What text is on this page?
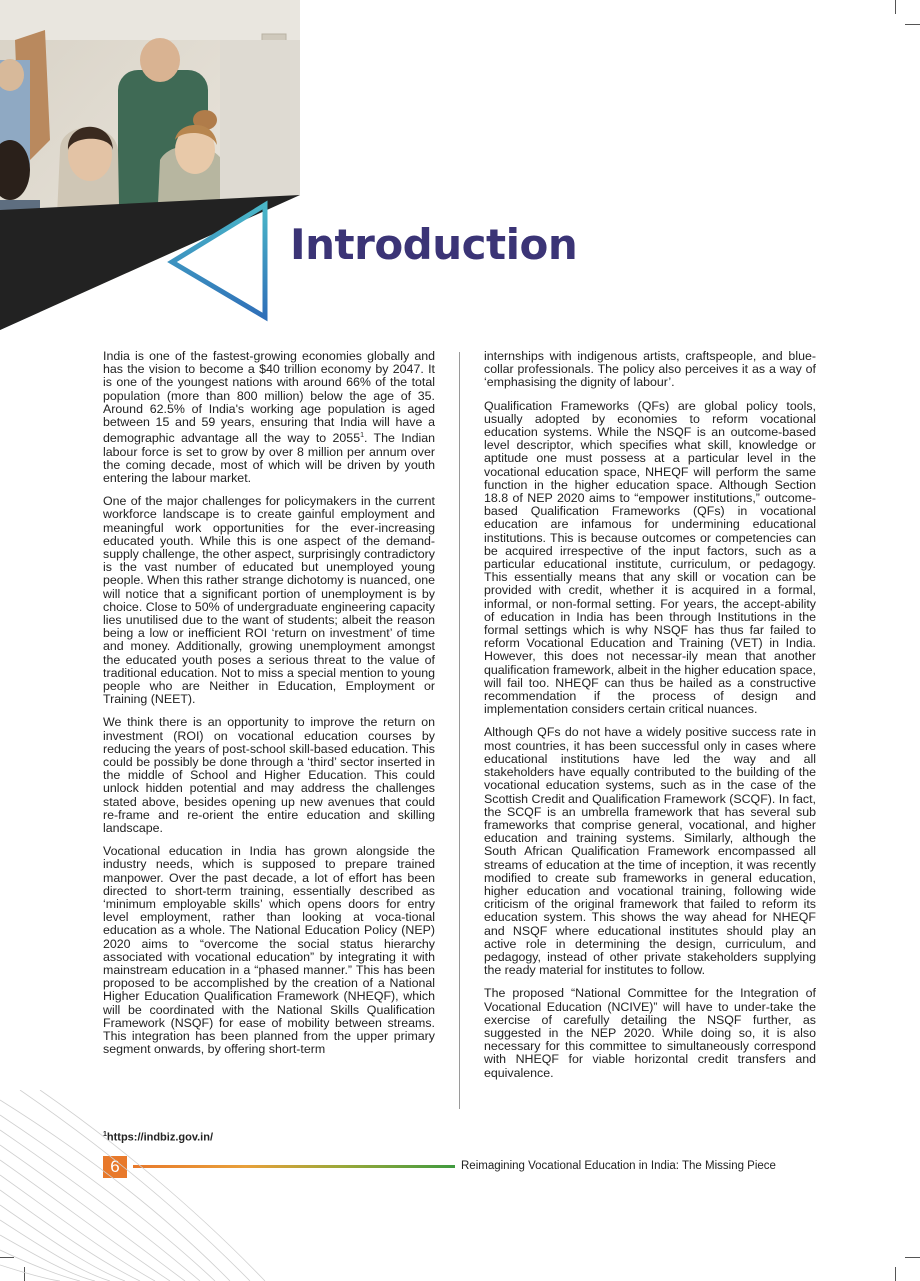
Introduction

India is one of the fastest-growing economies globally and has the vision to become a $40 trillion economy by 2047. It is one of the youngest nations with around 66% of the total population (more than 800 million) below the age of 35. Around 62.5% of India's working age population is aged between 15 and 59 years, ensuring that India will have a demographic advantage all the way to 2055$^1$. The Indian labour force is set to grow by over 8 million per annum over the coming decade, most of which will be driven by youth entering the labour market.

One of the major challenges for policymakers in the current workforce landscape is to create gainful employment and meaningful work opportunities for the ever-increasing educated youth. While this is one aspect of the demand-supply challenge, the other aspect, surprisingly contradictory is the vast number of educated but unemployed young people. When this rather strange dichotomy is nuanced, one will notice that a significant portion of unemployment is by choice. Close to 50% of undergraduate engineering capacity lies unutilised due to the want of students; albeit the reason being a low or inefficient ROI ‘return on investment’ of time and money. Additionally, growing unemployment amongst the educated youth poses a serious threat to the value of traditional education. Not to miss a special mention to young people who are Neither in Education, Employment or Training (NEET).

We think there is an opportunity to improve the return on investment (ROI) on vocational education courses by reducing the years of post-school skill-based education. This could be possibly be done through a ‘third’ sector inserted in the middle of School and Higher Education. This could unlock hidden potential and may address the challenges stated above, besides opening up new avenues that could re-frame and re-orient the entire education and skilling landscape.

Vocational education in India has grown alongside the industry needs, which is supposed to prepare trained manpower. Over the past decade, a lot of effort has been directed to short-term training, essentially described as ‘minimum employable skills’ which opens doors for entry level employment, rather than looking at voca-tional education as a whole. The National Education Policy (NEP) 2020 aims to “overcome the social status hierarchy associated with vocational education” by integrating it with mainstream education in a “phased manner.” This has been proposed to be accomplished by the creation of a National Higher Education Qualification Framework (NHEQF), which will be coordinated with the National Skills Qualification Framework (NSQF) for ease of mobility between streams. This integration has been planned from the upper primary segment onwards, by offering short-term

internships with indigenous artists, craftspeople, and blue-collar professionals. The policy also perceives it as a way of ‘emphasising the dignity of labour’.

Qualification Frameworks (QFs) are global policy tools, usually adopted by economies to reform vocational education systems. While the NSQF is an outcome-based level descriptor, which specifies what skill, knowledge or aptitude one must possess at a particular level in the vocational education space, NHEQF will perform the same function in the higher education space. Although Section 18.8 of NEP 2020 aims to “empower institutions,” outcome-based Qualification Frameworks (QFs) in vocational education are infamous for undermining educational institutions. This is because outcomes or competencies can be acquired irrespective of the input factors, such as a particular educational institute, curriculum, or pedagogy. This essentially means that any skill or vocation can be provided with credit, whether it is acquired in a formal, informal, or non-formal setting. For years, the accept-ability of education in India has been through Institutions in the formal settings which is why NSQF has thus far failed to reform Vocational Education and Training (VET) in India. However, this does not necessar-ily mean that another qualification framework, albeit in the higher education space, will fail too. NHEQF can thus be hailed as a constructive recommendation if the process of design and implementation considers certain critical nuances.

Although QFs do not have a widely positive success rate in most countries, it has been successful only in cases where educational institutions have led the way and all stakeholders have equally contributed to the building of the vocational education systems, such as in the case of the Scottish Credit and Qualification Framework (SCQF). In fact, the SCQF is an umbrella framework that has several sub frameworks that comprise general, vocational, and higher education and training systems. Similarly, although the South African Qualification Framework encompassed all streams of education at the time of inception, it was recently modified to create sub frameworks in general education, higher education and vocational training, following wide criticism of the original framework that failed to reform its education system. This shows the way ahead for NHEQF and NSQF where educational institutes should play an active role in determining the design, curriculum, and pedagogy, instead of other private stakeholders supplying the ready material for institutes to follow.

The proposed “National Committee for the Integration of Vocational Education (NCIVE)” will have to under-take the exercise of carefully detailing the NSQF further, as suggested in the NEP 2020. While doing so, it is also necessary for this committee to simultaneously correspond with NHEQF for viable horizontal credit transfers and equivalence.

$^1$https://indbiz.gov.in/
6	Reimagining Vocational Education in India: The Missing Piece
